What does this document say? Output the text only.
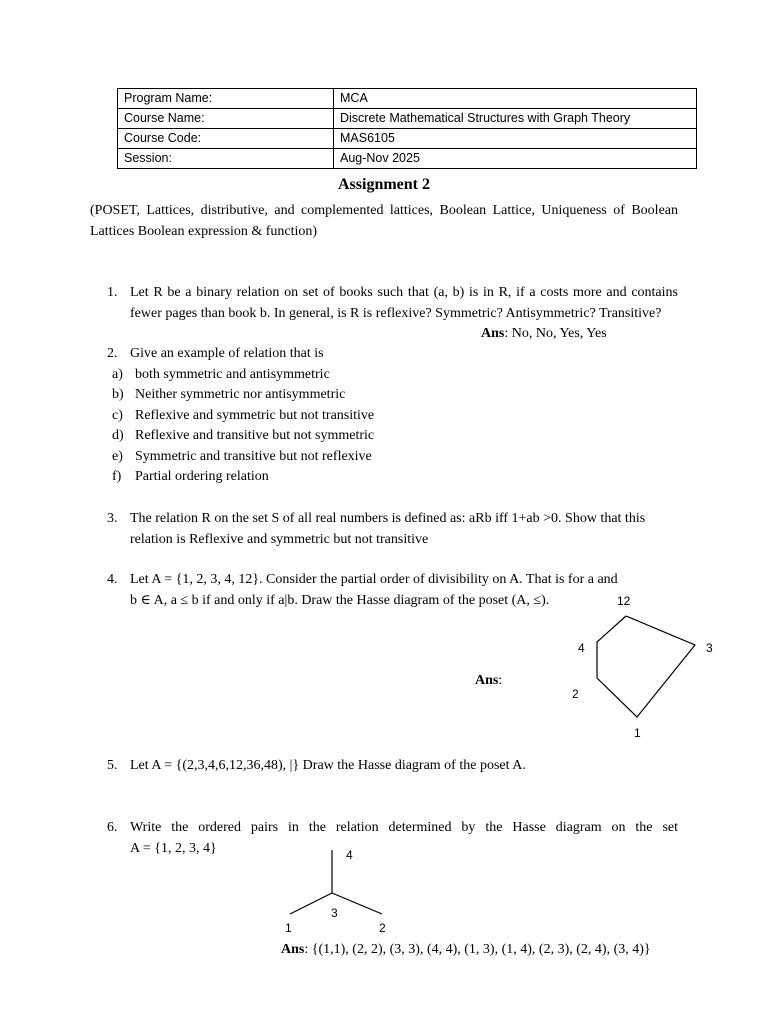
Program Name:	MCA
Course Name:	Discrete Mathematical Structures with Graph Theory
Course Code:	MAS6105
Session:	Aug-Nov 2025
Assignment 2
(POSET, Lattices, distributive, and complemented lattices, Boolean Lattice, Uniqueness of Boolean Lattices Boolean expression & function)
1. Let R be a binary relation on set of books such that (a, b) is in R, if a costs more and contains fewer pages than book b. In general, is R is reflexive? Symmetric? Antisymmetric? Transitive?
Ans: No, No, Yes, Yes
2. Give an example of relation that is
a) both symmetric and antisymmetric
b) Neither symmetric nor antisymmetric
c) Reflexive and symmetric but not transitive
d) Reflexive and transitive but not symmetric
e) Symmetric and transitive but not reflexive
f) Partial ordering relation
3. The relation R on the set S of all real numbers is defined as: aRb iff 1+ab >0. Show that this relation is Reflexive and symmetric but not transitive
4. Let A = {1, 2, 3, 4, 12}. Consider the partial order of divisibility on A. That is for a and
b ∈ A, a ≤ b if and only if a|b. Draw the Hasse diagram of the poset (A, ≤).
Ans:
12
4	3
2
1
5. Let A = {(2,3,4,6,12,36,48), |} Draw the Hasse diagram of the poset A.
6. Write the ordered pairs in the relation determined by the Hasse diagram on the set
A = {1, 2, 3, 4}	4
3
1	2
Ans: {(1,1), (2, 2), (3, 3), (4, 4), (1, 3), (1, 4), (2, 3), (2, 4), (3, 4)}
